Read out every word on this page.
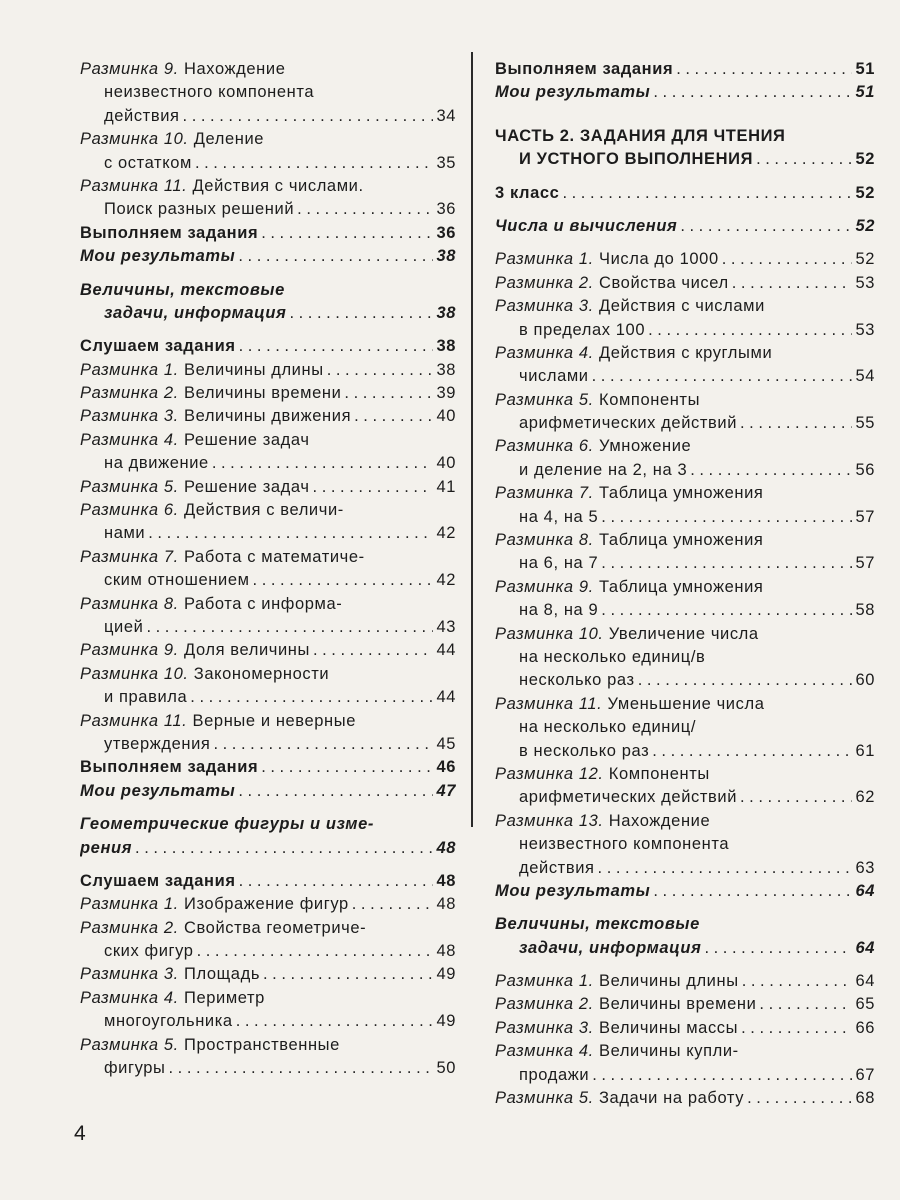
Разминка 9. Нахождение
неизвестного компонента
действия . . .	34
Разминка 10. Деление
с остатком . . .	35
Разминка 11. Действия с числами.
Поиск разных решений . . .	36
Выполняем задания . . .	36
Мои результаты . . .	38
Величины, текстовые
задачи, информация . . .	38
Слушаем задания . . .	38
Разминка 1. Величины длины . . .	38
Разминка 2. Величины времени . . .	39
Разминка 3. Величины движения . . .	40
Разминка 4. Решение задач
на движение . . .	40
Разминка 5. Решение задач . . .	41
Разминка 6. Действия с величи-
нами . . .	42
Разминка 7. Работа с математиче-
ским отношением . . .	42
Разминка 8. Работа с информа-
цией . . .	43
Разминка 9. Доля величины . . .	44
Разминка 10. Закономерности
и правила . . .	44
Разминка 11. Верные и неверные
утверждения . . .	45
Выполняем задания . . .	46
Мои результаты . . .	47
Геометрические фигуры и изме-
рения . . .	48
Слушаем задания . . .	48
Разминка 1. Изображение фигур . . .	48
Разминка 2. Свойства геометриче-
ских фигур . . .	48
Разминка 3. Площадь . . .	49
Разминка 4. Периметр
многоугольника . . .	49
Разминка 5. Пространственные
фигуры . . .	50
Выполняем задания . . .	51
Мои результаты . . .	51
ЧАСТЬ 2. ЗАДАНИЯ ДЛЯ ЧТЕНИЯ
И УСТНОГО ВЫПОЛНЕНИЯ . . .	52
3 класс . . .	52
Числа и вычисления . . .	52
Разминка 1. Числа до 1000 . . .	52
Разминка 2. Свойства чисел . . .	53
Разминка 3. Действия с числами
в пределах 100 . . .	53
Разминка 4. Действия с круглыми
числами . . .	54
Разминка 5. Компоненты
арифметических действий . . .	55
Разминка 6. Умножение
и деление на 2, на 3 . . .	56
Разминка 7. Таблица умножения
на 4, на 5 . . .	57
Разминка 8. Таблица умножения
на 6, на 7 . . .	57
Разминка 9. Таблица умножения
на 8, на 9 . . .	58
Разминка 10. Увеличение числа
на несколько единиц/в
несколько раз . . .	60
Разминка 11. Уменьшение числа
на несколько единиц/
в несколько раз . . .	61
Разминка 12. Компоненты
арифметических действий . . .	62
Разминка 13. Нахождение
неизвестного компонента
действия . . .	63
Мои результаты . . .	64
Величины, текстовые
задачи, информация . . .	64
Разминка 1. Величины длины . . .	64
Разминка 2. Величины времени . . .	65
Разминка 3. Величины массы . . .	66
Разминка 4. Величины купли-
продажи . . .	67
Разминка 5. Задачи на работу . . .	68
4
